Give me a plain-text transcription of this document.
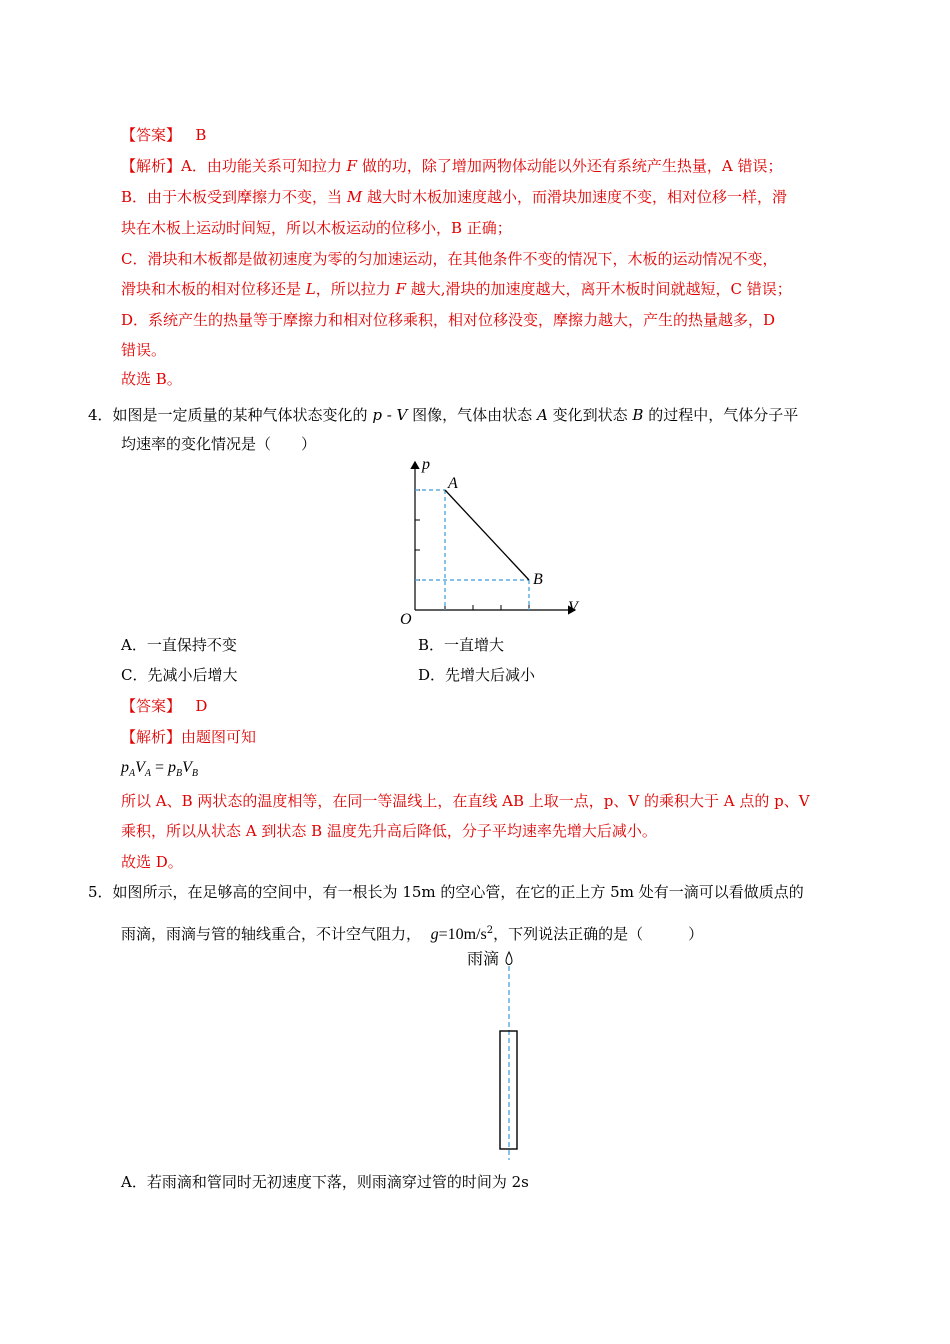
【答案】 B
【解析】A．由功能关系可知拉力 F 做的功，除了增加两物体动能以外还有系统产生热量，A 错误；
B．由于木板受到摩擦力不变，当 M 越大时木板加速度越小，而滑块加速度不变，相对位移一样，滑
块在木板上运动时间短，所以木板运动的位移小，B 正确；
C．滑块和木板都是做初速度为零的匀加速运动，在其他条件不变的情况下，木板的运动情况不变，
滑块和木板的相对位移还是 L，所以拉力 F 越大,滑块的加速度越大，离开木板时间就越短，C 错误；
D．系统产生的热量等于摩擦力和相对位移乘积，相对位移没变，摩擦力越大，产生的热量越多，D
错误。
故选 B。
4．如图是一定质量的某种气体状态变化的 p - V 图像，气体由状态 A 变化到状态 B 的过程中，气体分子平
均速率的变化情况是（　　）
p
V
O
A
B
A．一直保持不变	B．一直增大
C．先减小后增大	D．先增大后减小
【答案】 D
【解析】由题图可知
$p_AV_A = p_BV_B$
所以 A、B 两状态的温度相等，在同一等温线上，在直线 AB 上取一点，p、V 的乘积大于 A 点的 p、V
乘积，所以从状态 A 到状态 B 温度先升高后降低，分子平均速率先增大后减小。
故选 D。
5．如图所示，在足够高的空间中，有一根长为 15m 的空心管，在它的正上方 5m 处有一滴可以看做质点的
雨滴，雨滴与管的轴线重合，不计空气阻力， $g=10m/s^2$，下列说法正确的是（　　　）
雨滴
A．若雨滴和管同时无初速度下落，则雨滴穿过管的时间为 2s
